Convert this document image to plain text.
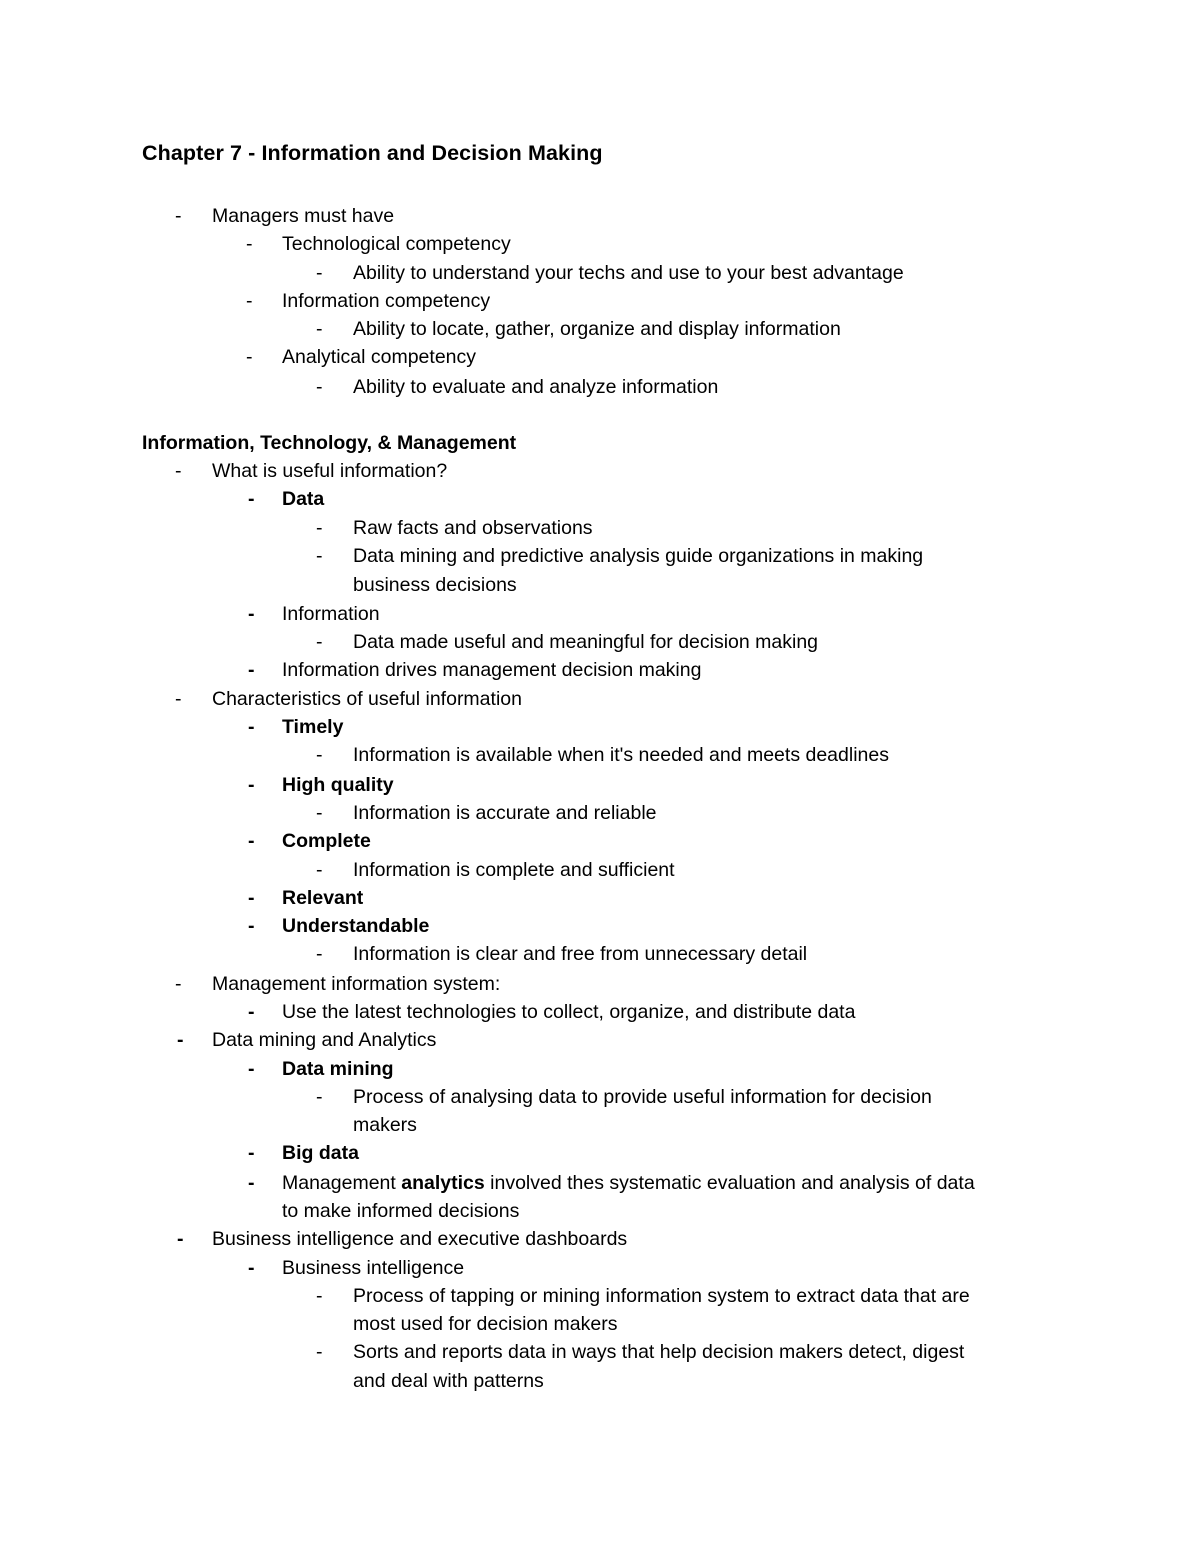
Chapter 7 - Information and Decision Making
- Managers must have
- Technological competency
- Ability to understand your techs and use to your best advantage
- Information competency
- Ability to locate, gather, organize and display information
- Analytical competency
- Ability to evaluate and analyze information
Information, Technology, & Management
- What is useful information?
- Data
- Raw facts and observations
- Data mining and predictive analysis guide organizations in making
business decisions
- Information
- Data made useful and meaningful for decision making
- Information drives management decision making
- Characteristics of useful information
- Timely
- Information is available when it's needed and meets deadlines
- High quality
- Information is accurate and reliable
- Complete
- Information is complete and sufficient
- Relevant
- Understandable
- Information is clear and free from unnecessary detail
- Management information system:
- Use the latest technologies to collect, organize, and distribute data
- Data mining and Analytics
- Data mining
- Process of analysing data to provide useful information for decision
makers
- Big data
- Management analytics involved thes systematic evaluation and analysis of data
to make informed decisions
- Business intelligence and executive dashboards
- Business intelligence
- Process of tapping or mining information system to extract data that are
most used for decision makers
- Sorts and reports data in ways that help decision makers detect, digest
and deal with patterns
